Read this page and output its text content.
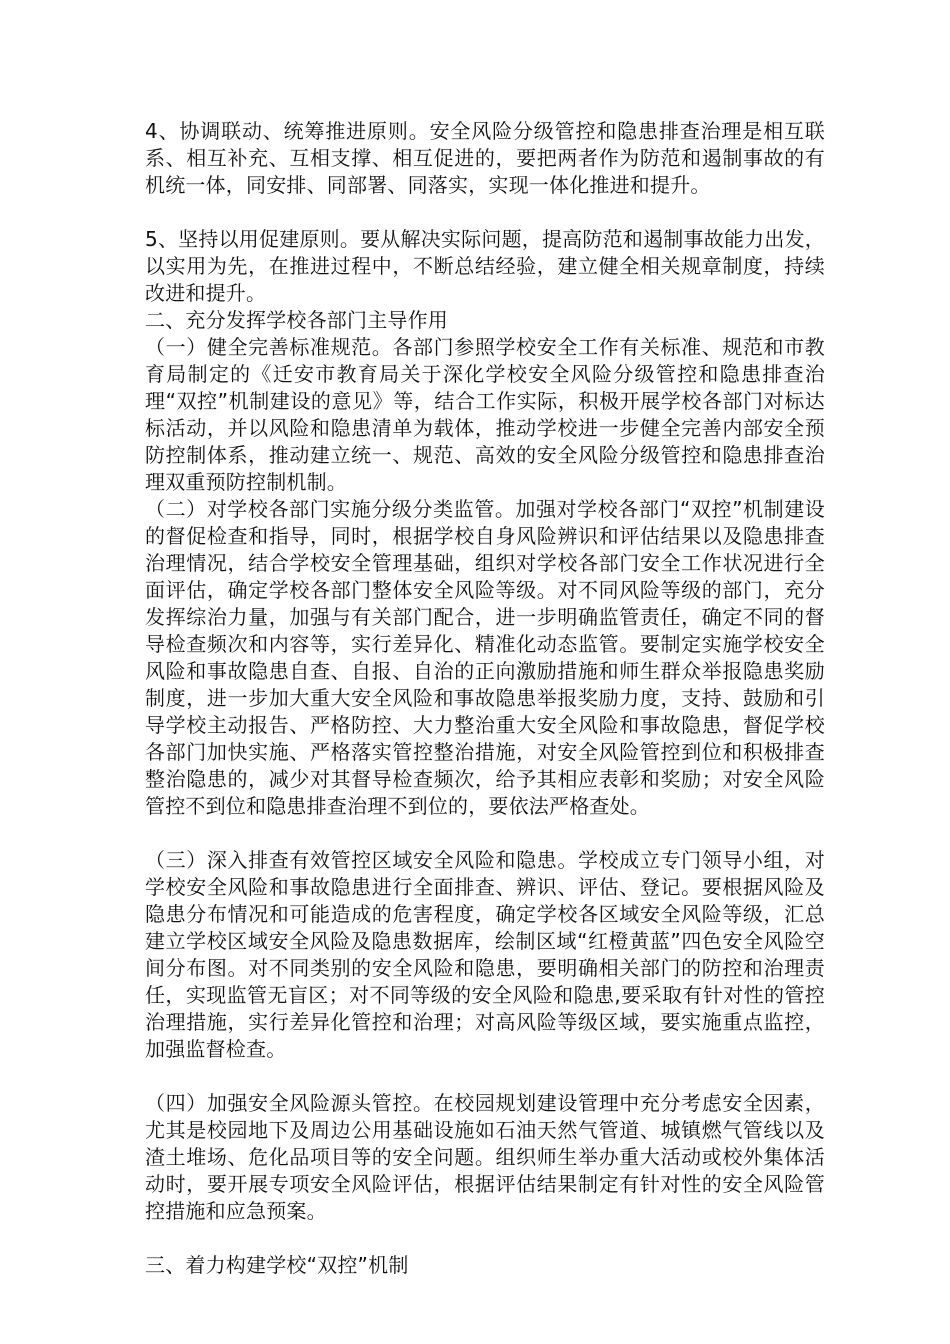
4、协调联动、统筹推进原则。安全风险分级管控和隐患排查治理是相互联系、相互补充、互相支撑、相互促进的，要把两者作为防范和遏制事故的有机统一体，同安排、同部署、同落实，实现一体化推进和提升。

5、坚持以用促建原则。要从解决实际问题，提高防范和遏制事故能力出发，以实用为先，在推进过程中，不断总结经验，建立健全相关规章制度，持续改进和提升。

二、充分发挥学校各部门主导作用

（一）健全完善标准规范。各部门参照学校安全工作有关标准、规范和市教育局制定的《迁安市教育局关于深化学校安全风险分级管控和隐患排查治理“双控”机制建设的意见》等，结合工作实际，积极开展学校各部门对标达标活动，并以风险和隐患清单为载体，推动学校进一步健全完善内部安全预防控制体系，推动建立统一、规范、高效的安全风险分级管控和隐患排查治理双重预防控制机制。

（二）对学校各部门实施分级分类监管。加强对学校各部门“双控”机制建设的督促检查和指导，同时，根据学校自身风险辨识和评估结果以及隐患排查治理情况，结合学校安全管理基础，组织对学校各部门安全工作状况进行全面评估，确定学校各部门整体安全风险等级。对不同风险等级的部门，充分发挥综治力量，加强与有关部门配合，进一步明确监管责任，确定不同的督导检查频次和内容等，实行差异化、精准化动态监管。要制定实施学校安全风险和事故隐患自查、自报、自治的正向激励措施和师生群众举报隐患奖励制度，进一步加大重大安全风险和事故隐患举报奖励力度，支持、鼓励和引导学校主动报告、严格防控、大力整治重大安全风险和事故隐患，督促学校各部门加快实施、严格落实管控整治措施，对安全风险管控到位和积极排查整治隐患的，减少对其督导检查频次，给予其相应表彰和奖励；对安全风险管控不到位和隐患排查治理不到位的，要依法严格查处。

（三）深入排查有效管控区域安全风险和隐患。学校成立专门领导小组，对学校安全风险和事故隐患进行全面排查、辨识、评估、登记。要根据风险及隐患分布情况和可能造成的危害程度，确定学校各区域安全风险等级，汇总建立学校区域安全风险及隐患数据库，绘制区域“红橙黄蓝”四色安全风险空间分布图。对不同类别的安全风险和隐患，要明确相关部门的防控和治理责任，实现监管无盲区；对不同等级的安全风险和隐患,要采取有针对性的管控治理措施，实行差异化管控和治理；对高风险等级区域，要实施重点监控，加强监督检查。

（四）加强安全风险源头管控。在校园规划建设管理中充分考虑安全因素，尤其是校园地下及周边公用基础设施如石油天然气管道、城镇燃气管线以及渣土堆场、危化品项目等的安全问题。组织师生举办重大活动或校外集体活动时，要开展专项安全风险评估，根据评估结果制定有针对性的安全风险管控措施和应急预案。

三、着力构建学校“双控”机制
